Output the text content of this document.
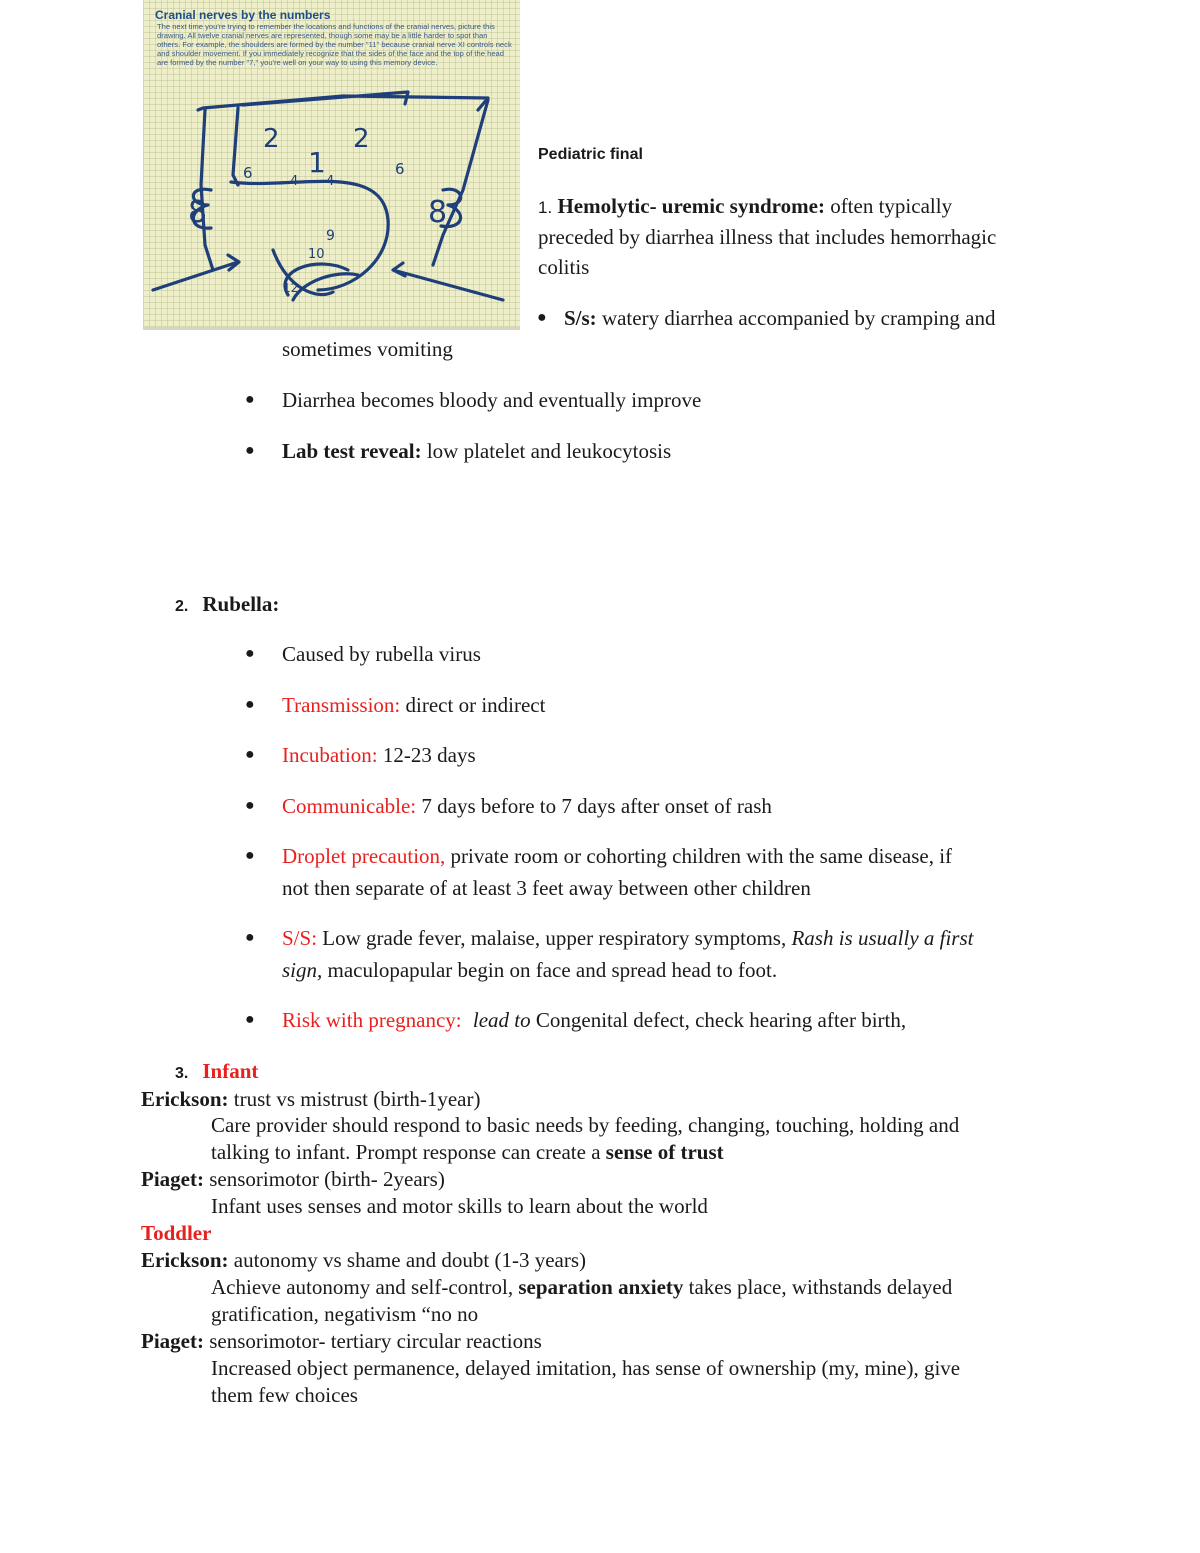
2	2
1
6	6
4 4
8	8
9
10
12
Cranial nerves by the numbers
The next time you're trying to remember the locations and functions of the cranial nerves, picture this drawing. All twelve cranial nerves are represented, though some may be a little harder to spot than others. For example, the shoulders are formed by the number "11" because cranial nerve XI controls neck and shoulder movement. If you immediately recognize that the sides of the face and the top of the head are formed by the number "7," you're well on your way to using this memory device.
Pediatric final
1. Hemolytic- uremic syndrome: often typically
preceded by diarrhea illness that includes hemorrhagic
colitis
● S/s: watery diarrhea accompanied by cramping and
sometimes vomiting
● Diarrhea becomes bloody and eventually improve
● Lab test reveal: low platelet and leukocytosis
2. Rubella:
● Caused by rubella virus
● Transmission: direct or indirect
● Incubation: 12-23 days
● Communicable: 7 days before to 7 days after onset of rash
● Droplet precaution, private room or cohorting children with the same disease, if
not then separate of at least 3 feet away between other children
● S/S: Low grade fever, malaise, upper respiratory symptoms, Rash is usually a first
sign, maculopapular begin on face and spread head to foot.
● Risk with pregnancy: lead to Congenital defect, check hearing after birth,
3. Infant
Erickson: trust vs mistrust (birth-1year)
Care provider should respond to basic needs by feeding, changing, touching, holding and
talking to infant. Prompt response can create a sense of trust
Piaget: sensorimotor (birth- 2years)
Infant uses senses and motor skills to learn about the world
Toddler
Erickson: autonomy vs shame and doubt (1-3 years)
Achieve autonomy and self-control, separation anxiety takes place, withstands delayed
gratification, negativism “no no
Piaget: sensorimotor- tertiary circular reactions
Increased object permanence, delayed imitation, has sense of ownership (my, mine), give
them few choices
